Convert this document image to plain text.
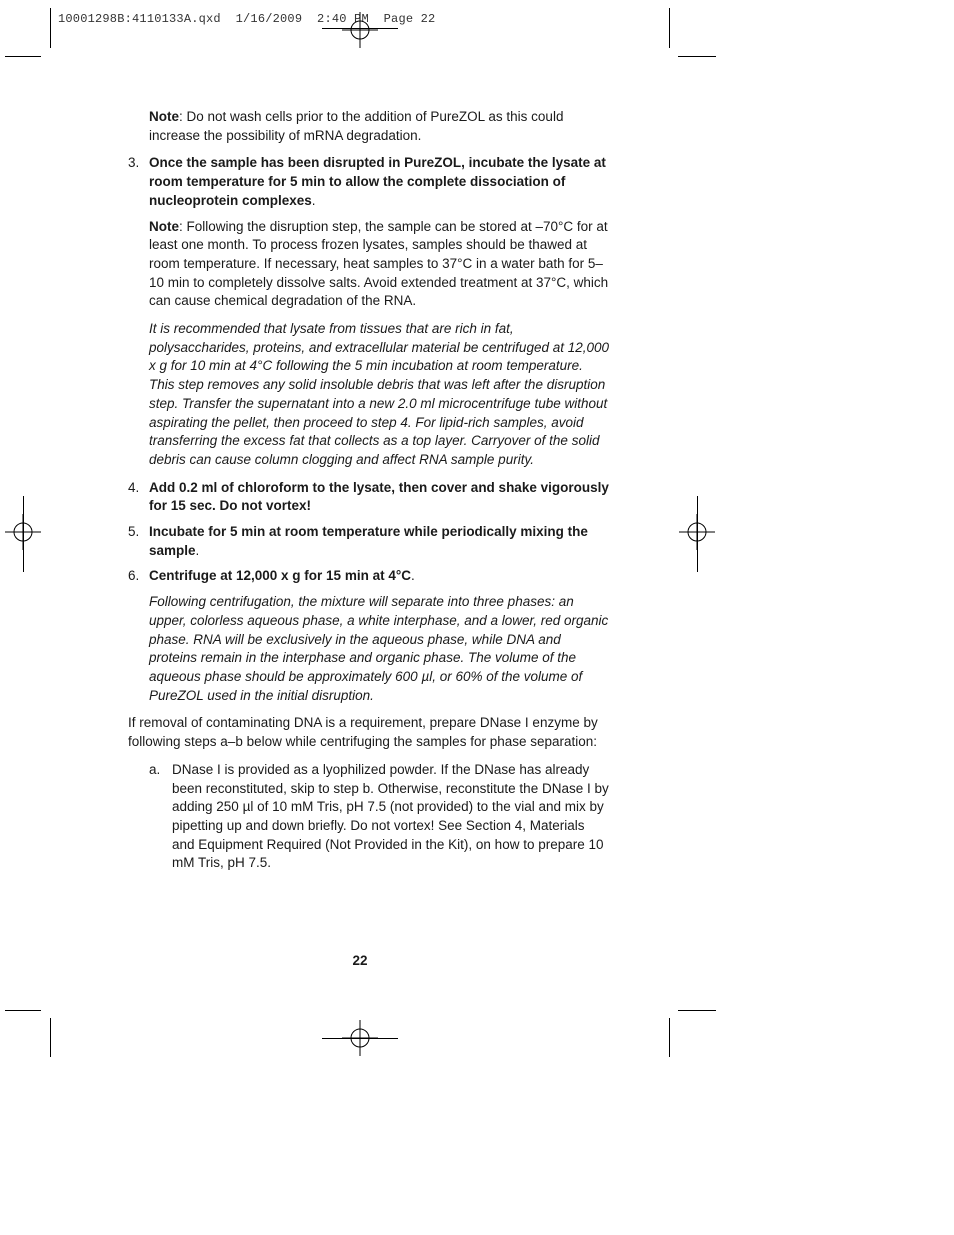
10001298B:4110133A.qxd  1/16/2009  2:40 PM  Page 22

Note: Do not wash cells prior to the addition of PureZOL as this could increase the possibility of mRNA degradation.

3. Once the sample has been disrupted in PureZOL, incubate the lysate at room temperature for 5 min to allow the complete dissociation of nucleoprotein complexes.

Note: Following the disruption step, the sample can be stored at –70°C for at least one month. To process frozen lysates, samples should be thawed at room temperature. If necessary, heat samples to 37°C in a water bath for 5–10 min to completely dissolve salts. Avoid extended treatment at 37°C, which can cause chemical degradation of the RNA.

It is recommended that lysate from tissues that are rich in fat, polysaccharides, proteins, and extracellular material be centrifuged at 12,000 x g for 10 min at 4°C following the 5 min incubation at room temperature. This step removes any solid insoluble debris that was left after the disruption step. Transfer the supernatant into a new 2.0 ml microcentrifuge tube without aspirating the pellet, then proceed to step 4. For lipid-rich samples, avoid transferring the excess fat that collects as a top layer. Carryover of the solid debris can cause column clogging and affect RNA sample purity.

4. Add 0.2 ml of chloroform to the lysate, then cover and shake vigorously for 15 sec. Do not vortex!
5. Incubate for 5 min at room temperature while periodically mixing the sample.
6. Centrifuge at 12,000 x g for 15 min at 4°C.

Following centrifugation, the mixture will separate into three phases: an upper, colorless aqueous phase, a white interphase, and a lower, red organic phase. RNA will be exclusively in the aqueous phase, while DNA and proteins remain in the interphase and organic phase. The volume of the aqueous phase should be approximately 600 µl, or 60% of the volume of PureZOL used in the initial disruption.

If removal of contaminating DNA is a requirement, prepare DNase I enzyme by following steps a–b below while centrifuging the samples for phase separation:

a. DNase I is provided as a lyophilized powder. If the DNase has already been reconstituted, skip to step b. Otherwise, reconstitute the DNase I by adding 250 µl of 10 mM Tris, pH 7.5 (not provided) to the vial and mix by pipetting up and down briefly. Do not vortex! See Section 4, Materials and Equipment Required (Not Provided in the Kit), on how to prepare 10 mM Tris, pH 7.5.
22
